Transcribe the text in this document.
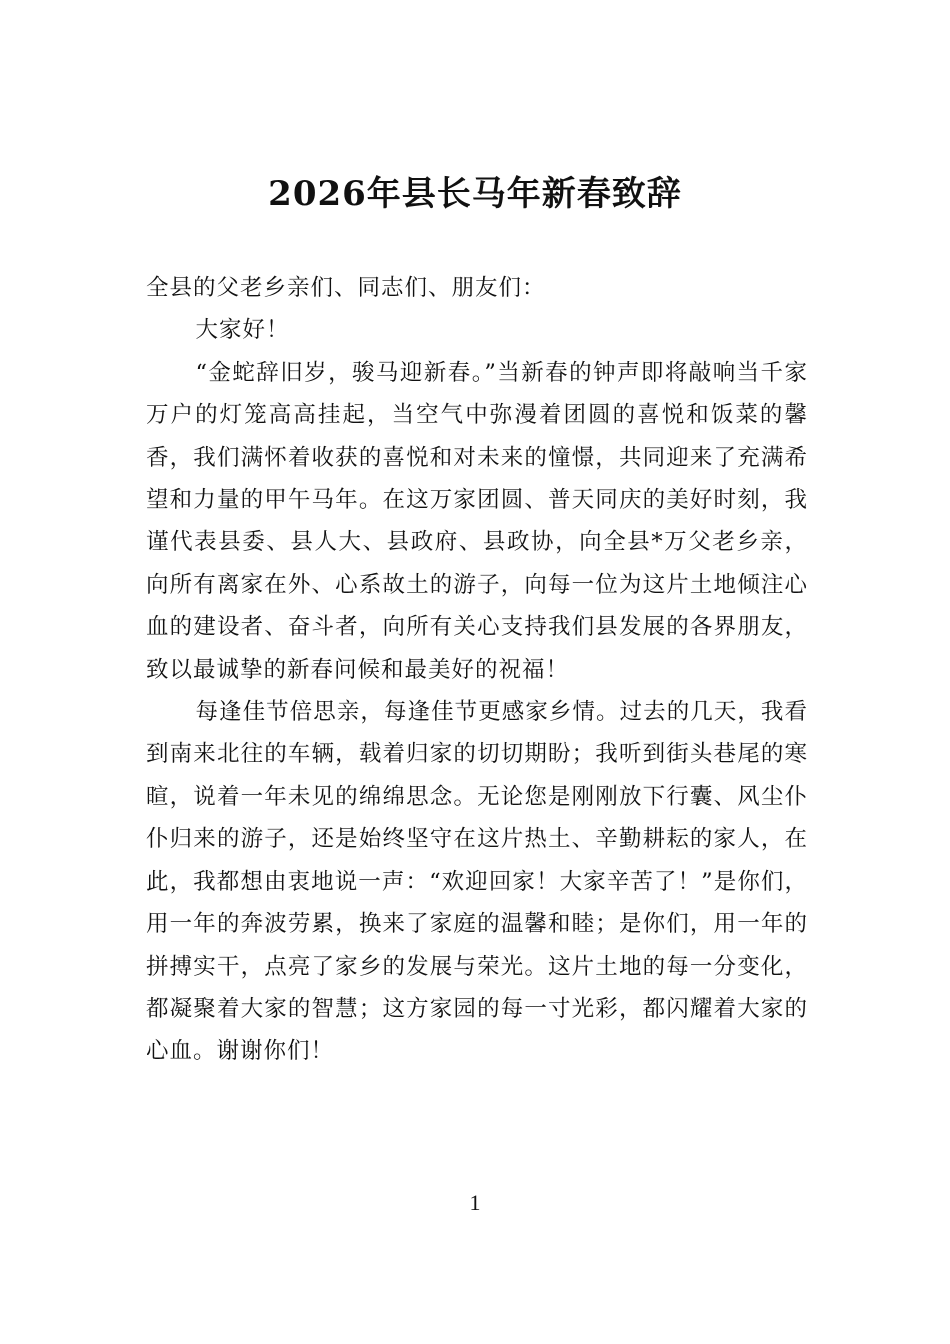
2026年县长马年新春致辞

全县的父老乡亲们、同志们、朋友们：

大家好！

“金蛇辞旧岁，骏马迎新春。”当新春的钟声即将敲响当千家万户的灯笼高高挂起，当空气中弥漫着团圆的喜悦和饭菜的馨香，我们满怀着收获的喜悦和对未来的憧憬，共同迎来了充满希望和力量的甲午马年。在这万家团圆、普天同庆的美好时刻，我谨代表县委、县人大、县政府、县政协，向全县*万父老乡亲，向所有离家在外、心系故土的游子，向每一位为这片土地倾注心血的建设者、奋斗者，向所有关心支持我们县发展的各界朋友，致以最诚挚的新春问候和最美好的祝福！

每逢佳节倍思亲，每逢佳节更感家乡情。过去的几天，我看到南来北往的车辆，载着归家的切切期盼；我听到街头巷尾的寒暄，说着一年未见的绵绵思念。无论您是刚刚放下行囊、风尘仆仆归来的游子，还是始终坚守在这片热土、辛勤耕耘的家人，在此，我都想由衷地说一声：“欢迎回家！大家辛苦了！”是你们，用一年的奔波劳累，换来了家庭的温馨和睦；是你们，用一年的拼搏实干，点亮了家乡的发展与荣光。这片土地的每一分变化，都凝聚着大家的智慧；这方家园的每一寸光彩，都闪耀着大家的心血。谢谢你们！

1
